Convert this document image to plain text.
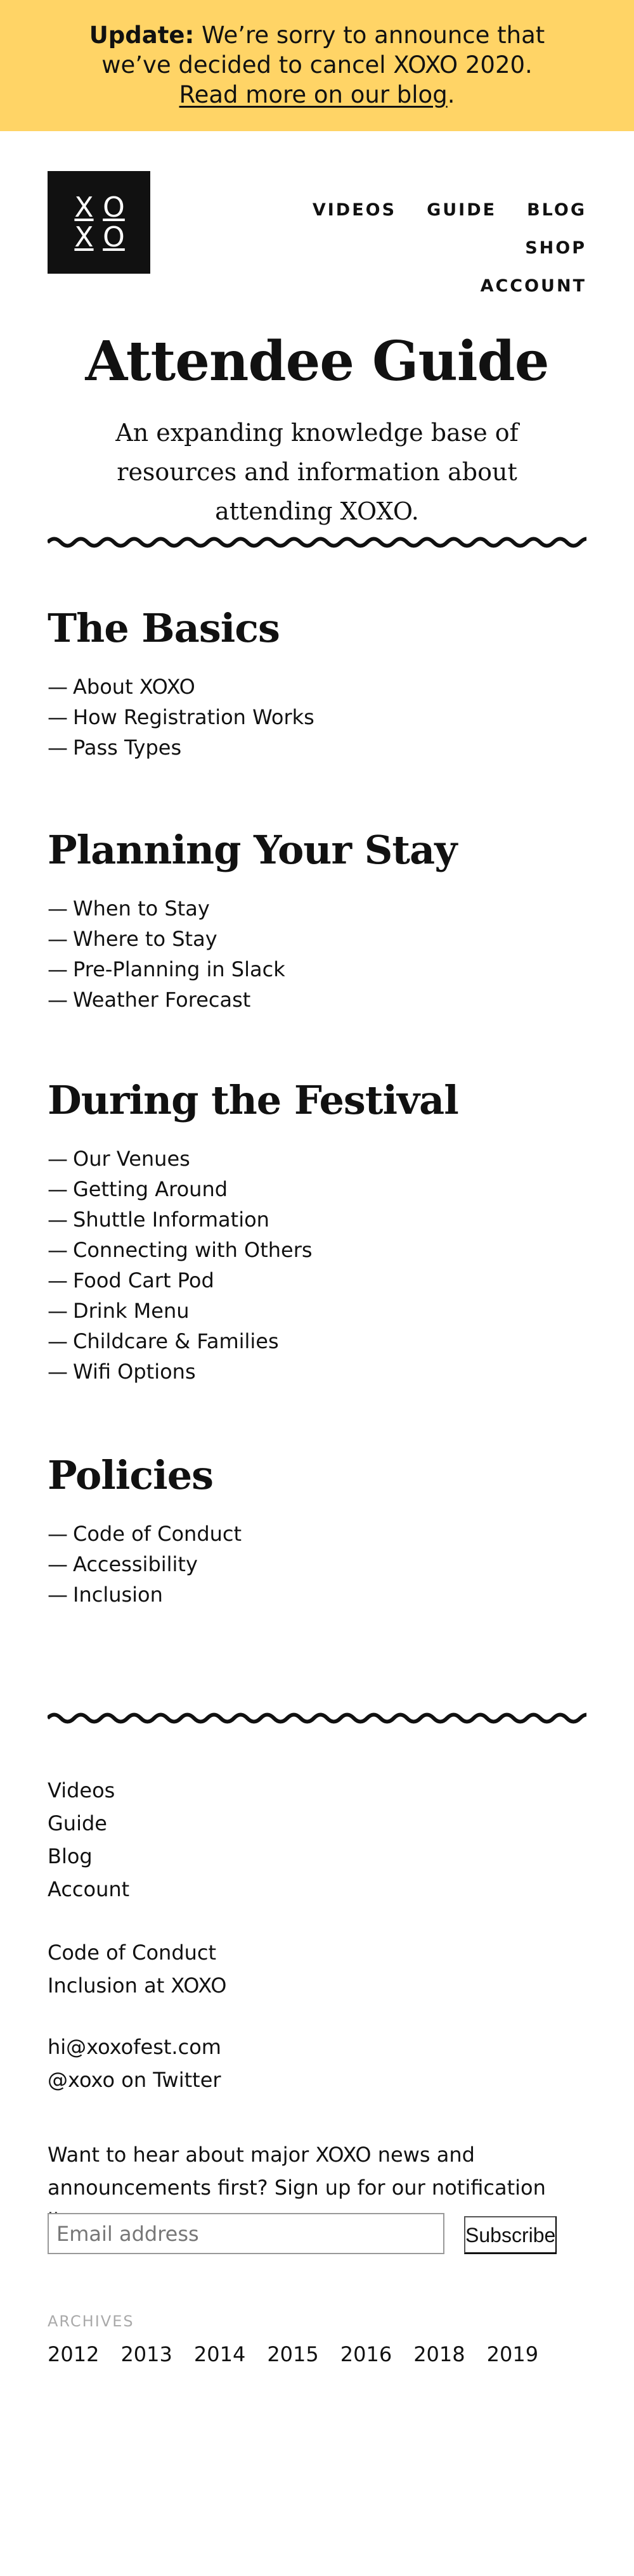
Update: We’re sorry to announce that we’ve decided to cancel XOXO 2020. Read more on our blog.
X O
X O
VIDEOS GUIDE BLOGSHOP
ACCOUNT
Attendee Guide

An expanding knowledge base of resources and information about attending XOXO.

The Basics
— About XOXO
— How Registration Works
— Pass Types
Planning Your Stay
— When to Stay
— Where to Stay
— Pre-Planning in Slack
— Weather Forecast
During the Festival
— Our Venues
— Getting Around
— Shuttle Information
— Connecting with Others
— Food Cart Pod
— Drink Menu
— Childcare & Families
— Wifi Options
Policies
— Code of Conduct
— Accessibility
— Inclusion
Videos
Guide
Blog
Account
Code of Conduct
Inclusion at XOXO
hi@xoxofest.com
@xoxo on Twitter

Want to hear about major XOXO news and announcements first? Sign up for our notification

Email address
Subscribe
ARCHIVES
2012 2013 2014 2015 2016 2018 2019
